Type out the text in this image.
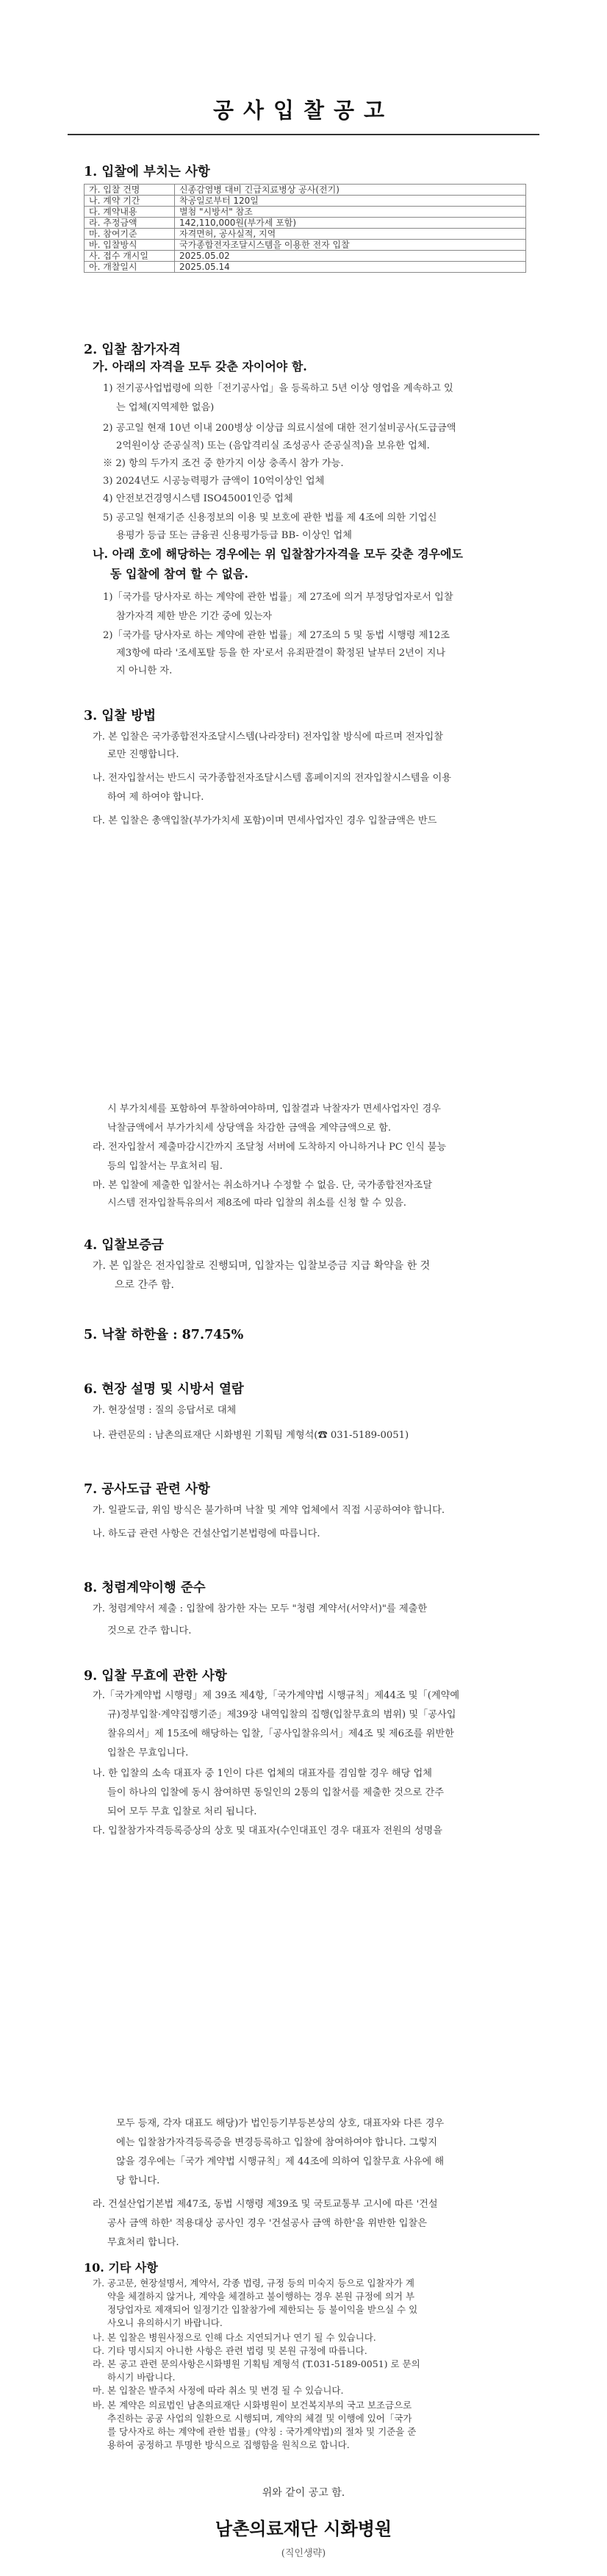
공사입찰공고
1. 입찰에 부치는 사항
가. 입찰 건명	신종감염병 대비 긴급치료병상 공사(전기)
나. 계약 기간	착공일로부터 120일
다. 계약내용	별첨 "시방서" 참조
라. 추정금액	142,110,000원(부가세 포함)
마. 참여기준	자격면허, 공사실적, 지역
바. 입찰방식	국가종합전자조달시스템을 이용한 전자 입찰
사. 접수 개시일	2025.05.02
아. 개찰일시	2025.05.14
2. 입찰 참가자격
가. 아래의 자격을 모두 갖춘 자이어야 함.
1) 전기공사업법령에 의한「전기공사업」을 등록하고 5년 이상 영업을 계속하고 있
는 업체(지역제한 없음)
2) 공고일 현재 10년 이내 200병상 이상급 의료시설에 대한 전기설비공사(도급금액
2억원이상 준공실적) 또는 (음압격리실 조성공사 준공실적)을 보유한 업체.
※ 2) 항의 두가지 조건 중 한가지 이상 충족시 참가 가능.
3) 2024년도 시공능력평가 금액이 10억이상인 업체
4) 안전보건경영시스템 ISO45001인증 업체
5) 공고일 현재기준 신용정보의 이용 및 보호에 관한 법률 제 4조에 의한 기업신
용평가 등급 또는 금융권 신용평가등급 BB- 이상인 업체
나. 아래 호에 해당하는 경우에는 위 입찰참가자격을 모두 갖춘 경우에도
동 입찰에 참여 할 수 없음.
1)「국가를 당사자로 하는 계약에 관한 법률」제 27조에 의거 부정당업자로서 입찰
참가자격 제한 받은 기간 중에 있는자
2)「국가를 당사자로 하는 계약에 관한 법률」제 27조의 5 및 동법 시행령 제12조
제3항에 따라 '조세포탈 등을 한 자'로서 유죄판결이 확정된 날부터 2년이 지나
지 아니한 자.
3. 입찰 방법
가. 본 입찰은 국가종합전자조달시스템(나라장터) 전자입찰 방식에 따르며 전자입찰
로만 진행합니다.
나. 전자입찰서는 반드시 국가종합전자조달시스템 홈페이지의 전자입찰시스템을 이용
하여 제 하여야 합니다.
다. 본 입찰은 총액입찰(부가가치세 포함)이며 면세사업자인 경우 입찰금액은 반드
시 부가치세를 포함하여 투찰하여야하며, 입찰결과 낙찰자가 면세사업자인 경우
낙찰금액에서 부가가치세 상당액을 차감한 금액을 계약금액으로 함.
라. 전자입찰서 제출마감시간까지 조달청 서버에 도착하지 아니하거나 PC 인식 불능
등의 입찰서는 무효처리 됨.
마. 본 입찰에 제출한 입찰서는 취소하거나 수정할 수 없음. 단, 국가종합전자조달
시스템 전자입찰특유의서 제8조에 따라 입찰의 취소를 신청 할 수 있음.
4. 입찰보증금
가. 본 입찰은 전자입찰로 진행되며, 입찰자는 입찰보증금 지급 확약을 한 것
으로 간주 함.
5. 낙찰 하한율 : 87.745%
6. 현장 설명 및 시방서 열람
가. 현장설명 : 질의 응답서로 대체
나. 관련문의 : 남촌의료재단 시화병원 기획팀 계형석(☎ 031-5189-0051)
7. 공사도급 관련 사항
가. 일괄도급, 위임 방식은 불가하며 낙찰 및 계약 업체에서 직접 시공하여야 합니다.
나. 하도급 관련 사항은 건설산업기본법령에 따릅니다.
8. 청렴계약이행 준수
가. 청렴계약서 제출 : 입찰에 참가한 자는 모두 "청렴 계약서(서약서)"를 제출한
것으로 간주 합니다.
9. 입찰 무효에 관한 사항
가.「국가계약법 시행령」제 39조 제4항,「국가계약법 시행규칙」제44조 및「(계약예
규)정부입찰·계약집행기준」제39장 내역입찰의 집행(입찰무효의 범위) 및「공사입
찰유의서」제 15조에 해당하는 입찰,「공사입찰유의서」제4조 및 제6조를 위반한
입찰은 무효입니다.
나. 한 입찰의 소속 대표자 중 1인이 다른 업체의 대표자를 겸임할 경우 해당 업체
들이 하나의 입찰에 동시 참여하면 동일인의 2통의 입찰서를 제출한 것으로 간주
되어 모두 무효 입찰로 처리 됩니다.
다. 입찰참가자격등록증상의 상호 및 대표자(수인대표인 경우 대표자 전원의 성명을
모두 등재, 각자 대표도 해당)가 법인등기부등본상의 상호, 대표자와 다른 경우
에는 입찰참가자격등록증을 변경등록하고 입찰에 참여하여야 합니다. 그렇지
않을 경우에는「국가 계약법 시행규칙」제 44조에 의하여 입찰무효 사유에 해
당 합니다.
라. 건설산업기본법 제47조, 동법 시행령 제39조 및 국토교통부 고시에 따른 '건설
공사 금액 하한' 적용대상 공사인 경우 '건설공사 금액 하한'을 위반한 입찰은
무효처리 합니다.
위와 같이 공고 함.
남촌의료재단 시화병원
(직인생략)
10. 기타 사항
가. 공고문, 현장설명서, 계약서, 각종 법령, 규정 등의 미숙지 등으로 입찰자가 계
약을 체결하지 않거나, 계약을 체결하고 불이행하는 경우 본원 규정에 의거 부
정당업자로 제재되어 일정기간 입찰참가에 제한되는 등 불이익을 받으실 수 있
사오니 유의하시기 바랍니다.
나. 본 입찰은 병원사정으로 인해 다소 지연되거나 연기 될 수 있습니다.
다. 기타 명시되지 아니한 사항은 관련 법령 및 본원 규정에 따릅니다.
라. 본 공고 관련 문의사항은시화병원 기획팀 계형석 (T.031-5189-0051) 로 문의
하시기 바랍니다.
마. 본 입찰은 발주처 사정에 따라 취소 및 변경 될 수 있습니다.
바. 본 계약은 의료법인 남촌의료재단 시화병원이 보건복지부의 국고 보조금으로
추진하는 공공 사업의 일환으로 시행되며, 계약의 체결 및 이행에 있어「국가
를 당사자로 하는 계약에 관한 법률」(약칭 : 국가계약법)의 절차 및 기준을 준
용하여 공정하고 투명한 방식으로 집행함을 원칙으로 합니다.
